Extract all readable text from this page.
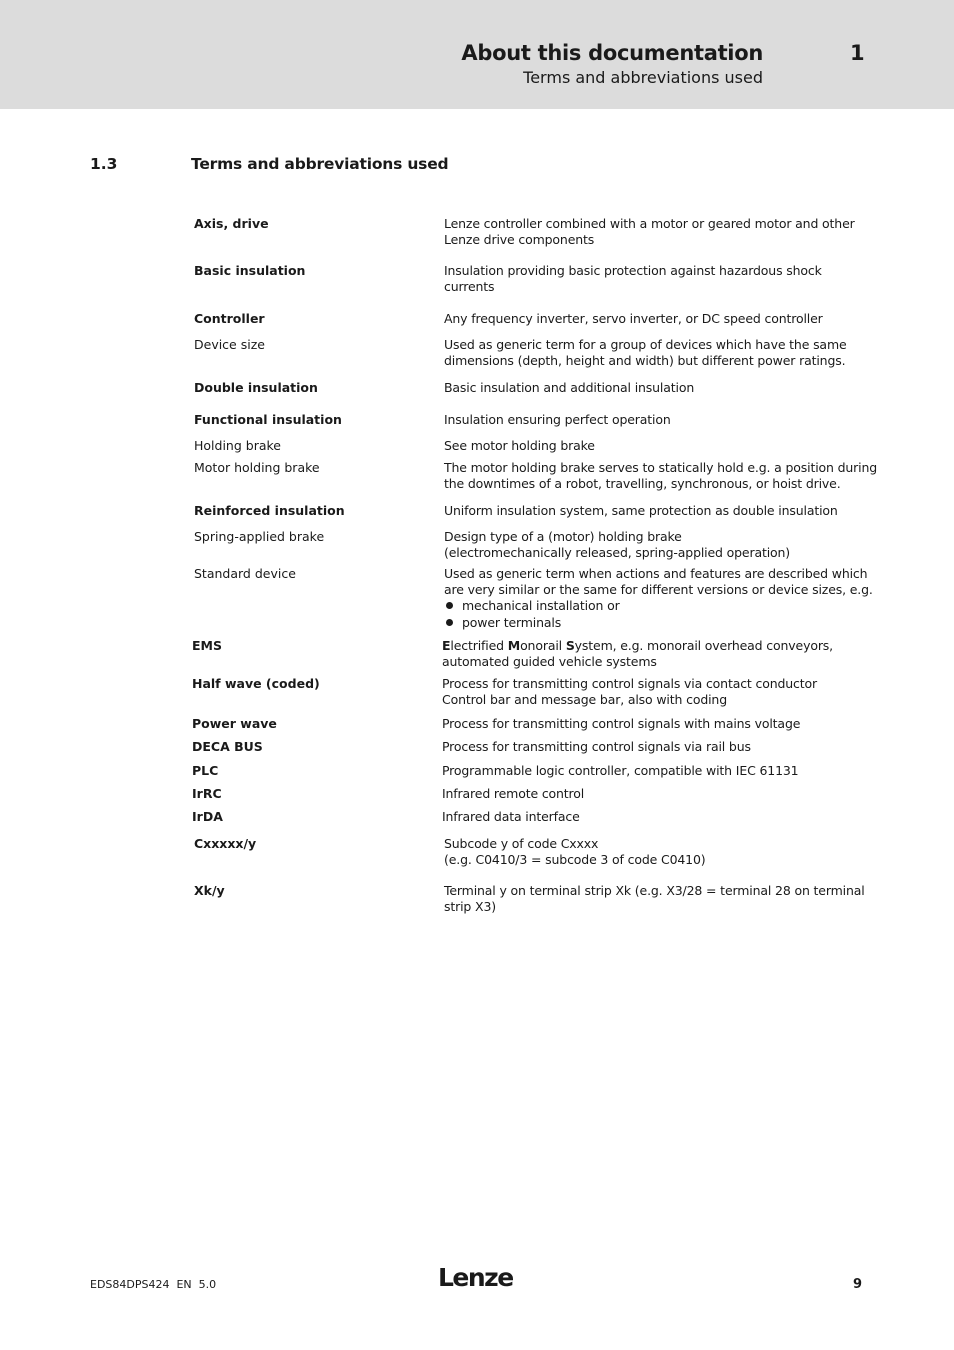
About this documentation	1
Terms and abbreviations used
1.3	Terms and abbreviations used
Axis, drive	Lenze controller combined with a motor or geared motor and other
Lenze drive components
Basic insulation	Insulation providing basic protection against hazardous shock
currents
Controller	Any frequency inverter, servo inverter, or DC speed controller
Device size	Used as generic term for a group of devices which have the same
dimensions (depth, height and width) but different power ratings.
Double insulation	Basic insulation and additional insulation
Functional insulation	Insulation ensuring perfect operation
Holding brake	See motor holding brake
Motor holding brake	The motor holding brake serves to statically hold e.g. a position during
the downtimes of a robot, travelling, synchronous, or hoist drive.
Reinforced insulation	Uniform insulation system, same protection as double insulation
Spring-applied brake	Design type of a (motor) holding brake
(electromechanically released, spring-applied operation)
Standard device	Used as generic term when actions and features are described which
are very similar or the same for different versions or device sizes, e.g.
mechanical installation or
power terminals
EMS	Electrified Monorail System, e.g. monorail overhead conveyors,
automated guided vehicle systems
Half wave (coded)	Process for transmitting control signals via contact conductor
Control bar and message bar, also with coding
Power wave	Process for transmitting control signals with mains voltage
DECA BUS	Process for transmitting control signals via rail bus
PLC	Programmable logic controller, compatible with IEC 61131
IrRC	Infrared remote control
IrDA	Infrared data interface
Cxxxxx/y	Subcode y of code Cxxxx
(e.g. C0410/3 = subcode 3 of code C0410)
Xk/y	Terminal y on terminal strip Xk (e.g. X3/28 = terminal 28 on terminal
strip X3)
EDS84DPS424  EN  5.0	Lenze	9
